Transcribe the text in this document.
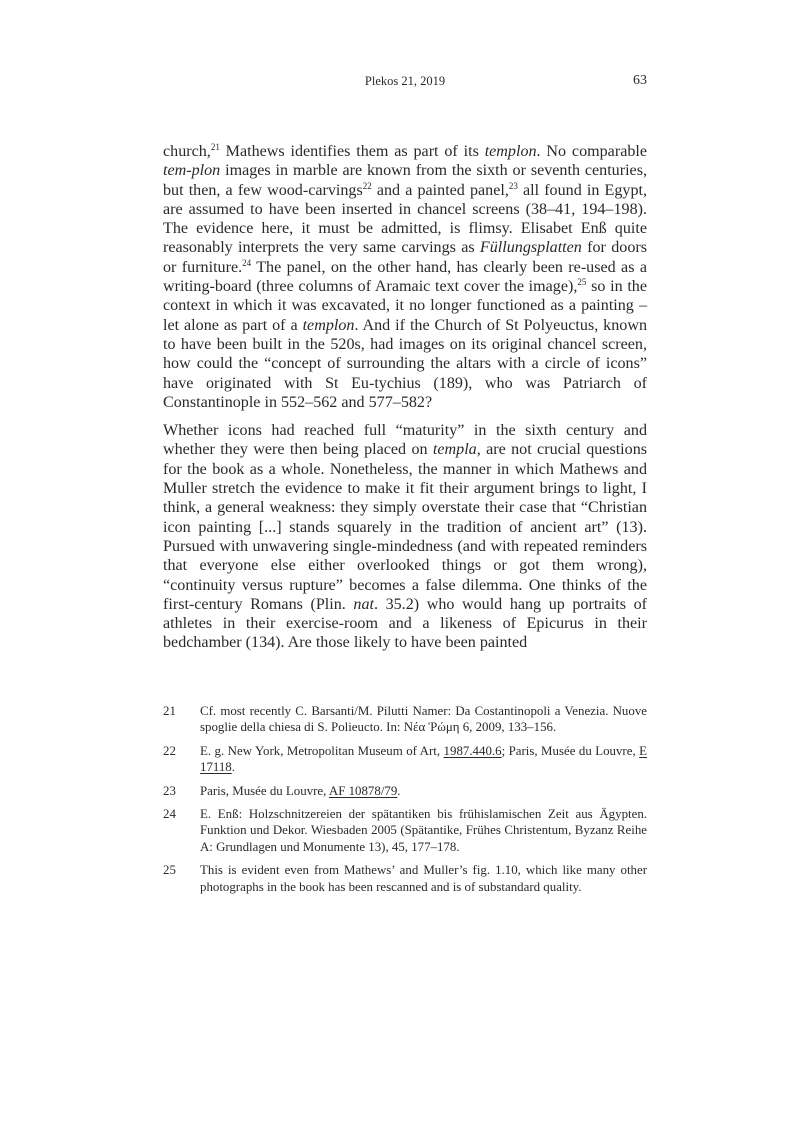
Plekos 21, 2019	63

church,$^{21}$ Mathews identifies them as part of its templon. No comparable tem-plon images in marble are known from the sixth or seventh centuries, but then, a few wood-carvings$^{22}$ and a painted panel,$^{23}$ all found in Egypt, are assumed to have been inserted in chancel screens (38–41, 194–198). The evidence here, it must be admitted, is flimsy. Elisabet Enß quite reasonably interprets the very same carvings as Füllungsplatten for doors or furniture.$^{24}$ The panel, on the other hand, has clearly been re-used as a writing-board (three columns of Aramaic text cover the image),$^{25}$ so in the context in which it was excavated, it no longer functioned as a painting – let alone as part of a templon. And if the Church of St Polyeuctus, known to have been built in the 520s, had images on its original chancel screen, how could the “concept of surrounding the altars with a circle of icons” have originated with St Eu-tychius (189), who was Patriarch of Constantinople in 552–562 and 577–582?

Whether icons had reached full “maturity” in the sixth century and whether they were then being placed on templa, are not crucial questions for the book as a whole. Nonetheless, the manner in which Mathews and Muller stretch the evidence to make it fit their argument brings to light, I think, a general weakness: they simply overstate their case that “Christian icon painting [...] stands squarely in the tradition of ancient art” (13). Pursued with unwavering single-mindedness (and with repeated reminders that everyone else either overlooked things or got them wrong), “continuity versus rupture” becomes a false dilemma. One thinks of the first-century Romans (Plin. nat. 35.2) who would hang up portraits of athletes in their exercise-room and a likeness of Epicurus in their bedchamber (134). Are those likely to have been painted

21	Cf. most recently C. Barsanti/M. Pilutti Namer: Da Costantinopoli a Venezia. Nuove spoglie della chiesa di S. Polieucto. In: Νέα Ῥώμη 6, 2009, 133–156.
22	E. g. New York, Metropolitan Museum of Art, 1987.440.6; Paris, Musée du Louvre, E 17118.
23	Paris, Musée du Louvre, AF 10878/79.
24	E. Enß: Holzschnitzereien der spätantiken bis frühislamischen Zeit aus Ägypten. Funktion und Dekor. Wiesbaden 2005 (Spätantike, Frühes Christentum, Byzanz Reihe A: Grundlagen und Monumente 13), 45, 177–178.
25	This is evident even from Mathews’ and Muller’s fig. 1.10, which like many other photographs in the book has been rescanned and is of substandard quality.
